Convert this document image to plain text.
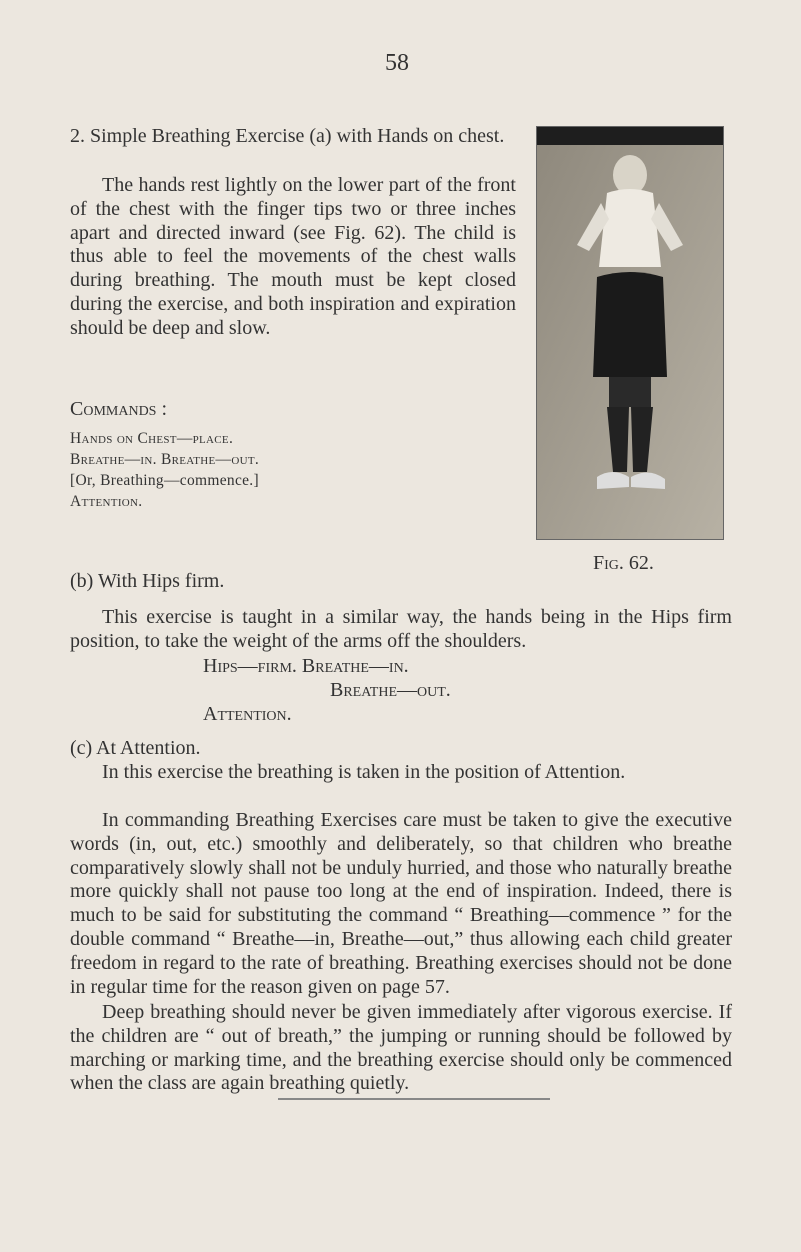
58

2. Simple Breathing Exercise (a) with Hands on chest.

The hands rest lightly on the lower part of the front of the chest with the finger tips two or three inches apart and directed inward (see Fig. 62). The child is thus able to feel the movements of the chest walls during breathing. The mouth must be kept closed during the exercise, and both inspiration and expiration should be deep and slow.

Commands :

Hands on Chest—place.

Breathe—in. Breathe—out.

[Or, Breathing—commence.]

Attention.

Fig. 62.

(b) With Hips firm.

This exercise is taught in a similar way, the hands being in the Hips firm position, to take the weight of the arms off the shoulders.

Hips—firm. Breathe—in.

Breathe—out.

Attention.

(c) At Attention.

In this exercise the breathing is taken in the position of Attention.

In commanding Breathing Exercises care must be taken to give the executive words (in, out, etc.) smoothly and deliberately, so that children who breathe comparatively slowly shall not be unduly hurried, and those who naturally breathe more quickly shall not pause too long at the end of inspiration. Indeed, there is much to be said for substituting the command “ Breathing—commence ” for the double command “ Breathe—in, Breathe—out,” thus allowing each child greater freedom in regard to the rate of breathing. Breathing exercises should not be done in regular time for the reason given on page 57.

Deep breathing should never be given immediately after vigorous exercise. If the children are “ out of breath,” the jumping or running should be followed by marching or marking time, and the breathing exercise should only be commenced when the class are again breathing quietly.
